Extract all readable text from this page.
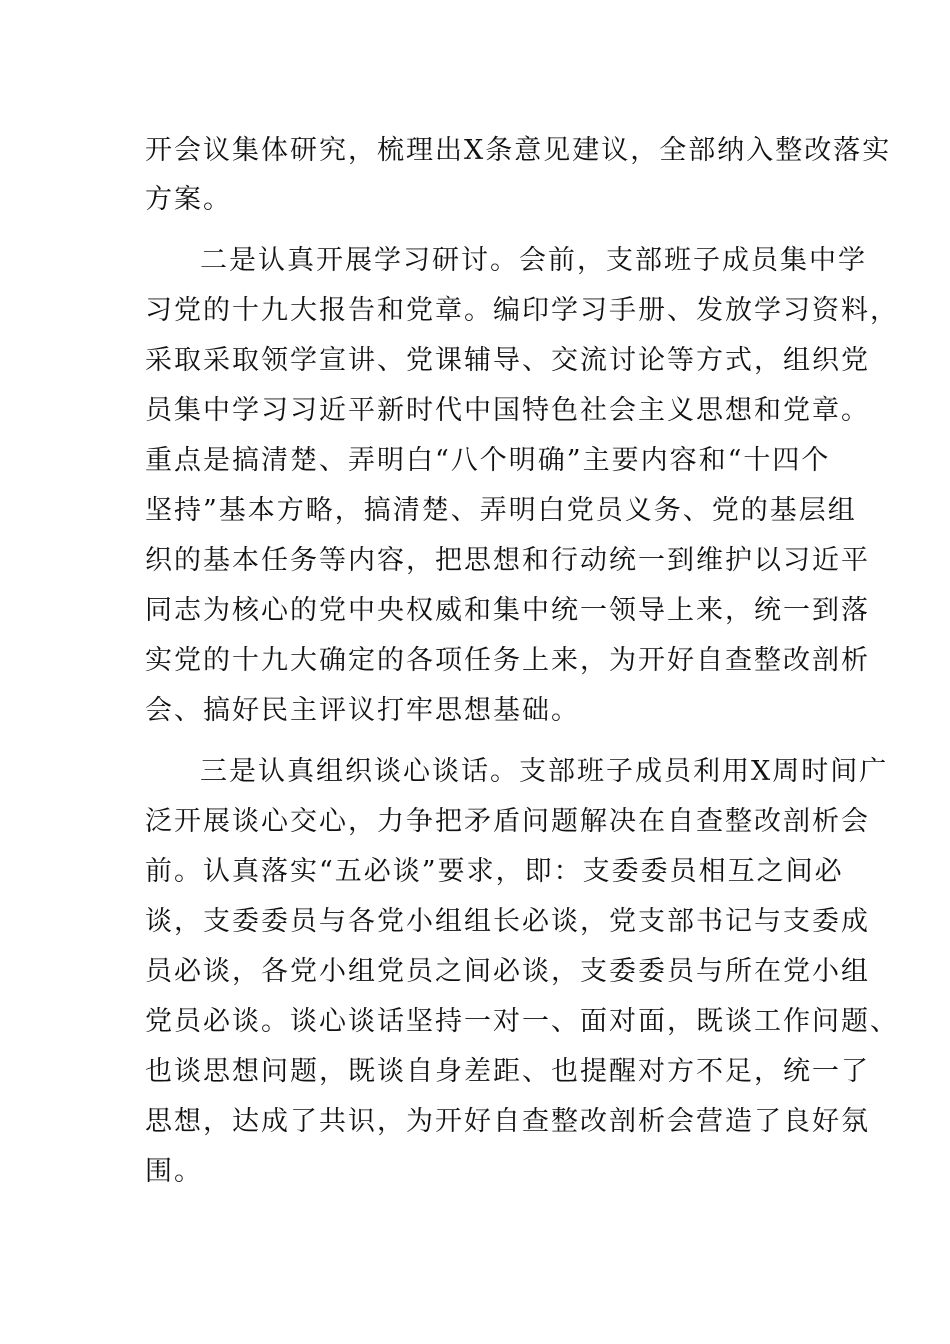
开会议集体研究，梳理出X条意见建议，全部纳入整改落实

方案。

二是认真开展学习研讨。会前，支部班子成员集中学

习党的十九大报告和党章。编印学习手册、发放学习资料，

采取采取领学宣讲、党课辅导、交流讨论等方式，组织党

员集中学习习近平新时代中国特色社会主义思想和党章。

重点是搞清楚、弄明白“八个明确”主要内容和“十四个

坚持”基本方略，搞清楚、弄明白党员义务、党的基层组

织的基本任务等内容，把思想和行动统一到维护以习近平

同志为核心的党中央权威和集中统一领导上来，统一到落

实党的十九大确定的各项任务上来，为开好自查整改剖析

会、搞好民主评议打牢思想基础。

三是认真组织谈心谈话。支部班子成员利用X周时间广

泛开展谈心交心，力争把矛盾问题解决在自查整改剖析会

前。认真落实“五必谈”要求，即：支委委员相互之间必

谈，支委委员与各党小组组长必谈，党支部书记与支委成

员必谈，各党小组党员之间必谈，支委委员与所在党小组

党员必谈。谈心谈话坚持一对一、面对面，既谈工作问题、

也谈思想问题，既谈自身差距、也提醒对方不足，统一了

思想，达成了共识，为开好自查整改剖析会营造了良好氛

围。
